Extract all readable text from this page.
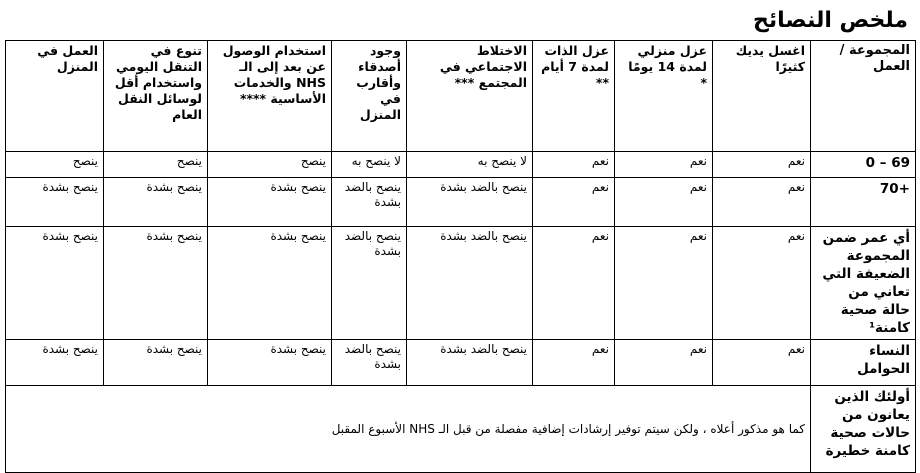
ملخص النصائح
المجموعة / العمل	اغسل يديك كثيرًا	عزل منزلي لمدة 14 يومًا *	عزل الذات لمدة 7 أيام **	الاختلاط الاجتماعي في المجتمع ***	وجود أصدقاء وأقارب في المنزل	استخدام الوصول عن بعد إلى الـ NHS والخدمات الأساسية ****	تنوع في التنقل اليومي واستخدام أقل لوسائل النقل العام	العمل في المنزل
0 – 69	نعم	نعم	نعم	لا ينصح به	لا ينصح به	ينصح	ينصح	ينصح
70+	نعم	نعم	نعم	ينصح بالضد بشدة	ينصح بالضد بشدة	ينصح بشدة	ينصح بشدة	ينصح بشدة
أي عمر ضمن المجموعة الضعيفة التي تعاني من حالة صحية كامنة¹	نعم	نعم	نعم	ينصح بالضد بشدة	ينصح بالضد بشدة	ينصح بشدة	ينصح بشدة	ينصح بشدة
النساء الحوامل	نعم	نعم	نعم	ينصح بالضد بشدة	ينصح بالضد بشدة	ينصح بشدة	ينصح بشدة	ينصح بشدة
أولئك الذين يعانون من حالات صحية كامنة خطيرة	كما هو مذكور أعلاه ، ولكن سيتم توفير إرشادات إضافية مفصلة من قبل الـ NHS الأسبوع المقبل							
